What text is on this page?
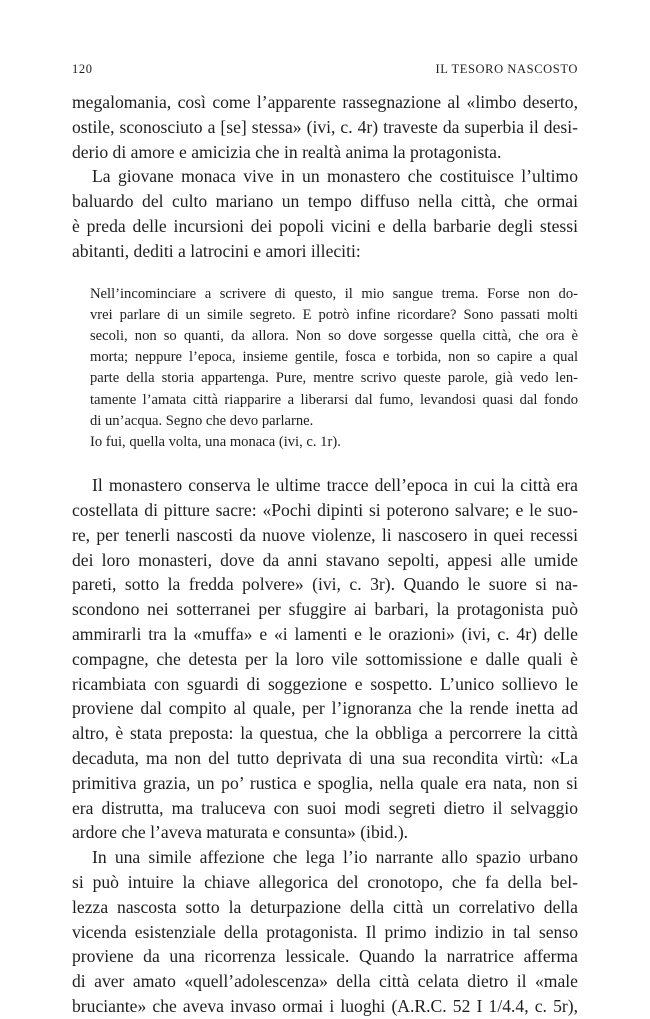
120	IL TESORO NASCOSTO

megalomania, così come l’apparente rassegnazione al «limbo deserto,
ostile, sconosciuto a [se] stessa» (ivi, c. 4r) traveste da superbia il desi-
derio di amore e amicizia che in realtà anima la protagonista.

La giovane monaca vive in un monastero che costituisce l’ultimo
baluardo del culto mariano un tempo diffuso nella città, che ormai
è preda delle incursioni dei popoli vicini e della barbarie degli stessi
abitanti, dediti a latrocini e amori illeciti:

Nell’incominciare a scrivere di questo, il mio sangue trema. Forse non do-
vrei parlare di un simile segreto. E potrò infine ricordare? Sono passati molti
secoli, non so quanti, da allora. Non so dove sorgesse quella città, che ora è
morta; neppure l’epoca, insieme gentile, fosca e torbida, non so capire a qual
parte della storia appartenga. Pure, mentre scrivo queste parole, già vedo len-
tamente l’amata città riapparire a liberarsi dal fumo, levandosi quasi dal fondo
di un’acqua. Segno che devo parlarne.
Io fui, quella volta, una monaca (ivi, c. 1r).

Il monastero conserva le ultime tracce dell’epoca in cui la città era
costellata di pitture sacre: «Pochi dipinti si poterono salvare; e le suo-
re, per tenerli nascosti da nuove violenze, li nascosero in quei recessi
dei loro monasteri, dove da anni stavano sepolti, appesi alle umide
pareti, sotto la fredda polvere» (ivi, c. 3r). Quando le suore si na-
scondono nei sotterranei per sfuggire ai barbari, la protagonista può
ammirarli tra la «muffa» e «i lamenti e le orazioni» (ivi, c. 4r) delle
compagne, che detesta per la loro vile sottomissione e dalle quali è
ricambiata con sguardi di soggezione e sospetto. L’unico sollievo le
proviene dal compito al quale, per l’ignoranza che la rende inetta ad
altro, è stata preposta: la questua, che la obbliga a percorrere la città
decaduta, ma non del tutto deprivata di una sua recondita virtù: «La
primitiva grazia, un po’ rustica e spoglia, nella quale era nata, non si
era distrutta, ma traluceva con suoi modi segreti dietro il selvaggio
ardore che l’aveva maturata e consunta» (ibid.).

In una simile affezione che lega l’io narrante allo spazio urbano
si può intuire la chiave allegorica del cronotopo, che fa della bel-
lezza nascosta sotto la deturpazione della città un correlativo della
vicenda esistenziale della protagonista. Il primo indizio in tal senso
proviene da una ricorrenza lessicale. Quando la narratrice afferma
di aver amato «quell’adolescenza» della città celata dietro il «male
bruciante» che aveva invaso ormai i luoghi (A.R.C. 52 I 1/4.4, c. 5r),
